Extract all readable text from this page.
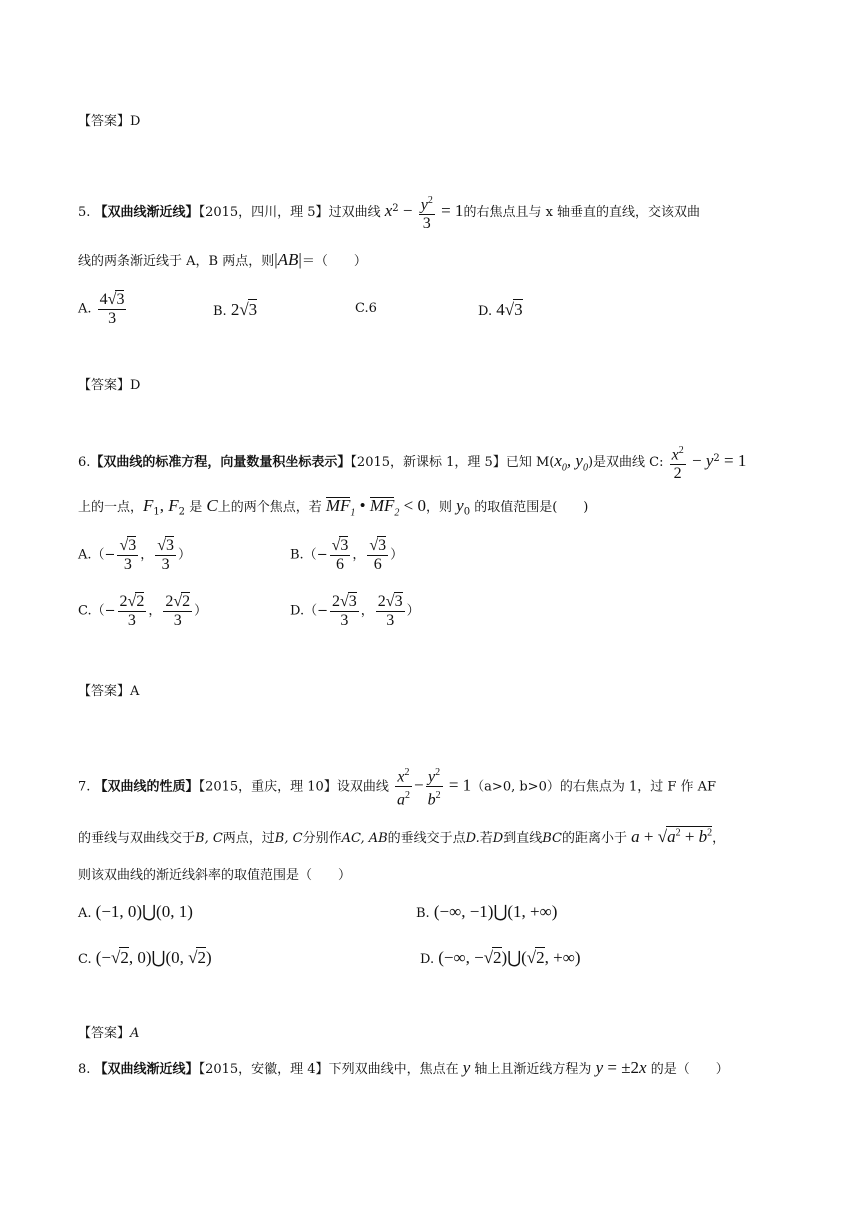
【答案】D
5. 【双曲线渐近线】【2015，四川，理 5】过双曲线 $x^2 - \frac{y^2}{3} = 1$的右焦点且与 x 轴垂直的直线，交该双曲
线的两条渐近线于 A，B 两点，则|AB|＝（　　）
A. $\frac{4√3}{3}$	B. 2√3	C.6	D. 4√3
【答案】D
6.【双曲线的标准方程，向量数量积坐标表示】【2015，新课标 1，理 5】已知 $M(x_0$, $y_0$)是双曲线 C: $\frac{x^2}{2} - y^2 = 1$
上的一点，$F_1$, $F_2$ 是 C上的两个焦点，若 $MF_1$ • $MF_2 < 0$，则 $y_0$ 的取值范围是(　　)
$A.(- \frac{√3}{3}$ ， $\frac{√3}{3}$ ）	$B.(- \frac{√3}{6}$ ， $\frac{√3}{6}$ ）
$C.(- \frac{2√2}{3}$ ， $\frac{2√2}{3}$ ）	$D.(- \frac{2√3}{3}$ ， $\frac{2√3}{3}$ ）
【答案】A
7. 【双曲线的性质】【2015，重庆，理 10】设双曲线 $\frac{x^2}{a^2} - \frac{y^2}{b^2} = 1(a>0$, b>0）的右焦点为 1，过 F 作 AF
的垂线与双曲线交于B, C两点，过B, C分别作AC, AB的垂线交于点D.若D到直线BC的距离小于 $a + √a^2 + b^2$，
则该双曲线的渐近线斜率的取值范围是（　　）
A. (−1, 0)⋃(0, 1)	B. (−∞, −1)⋃(1, +∞)
C. (−√2, 0)⋃(0, √2)	D. (−∞, −√2)⋃(√2, +∞)
【答案】A
8. 【双曲线渐近线】【2015，安徽，理 4】下列双曲线中，焦点在 y 轴上且渐近线方程为 y = ±2x 的是（　　）
